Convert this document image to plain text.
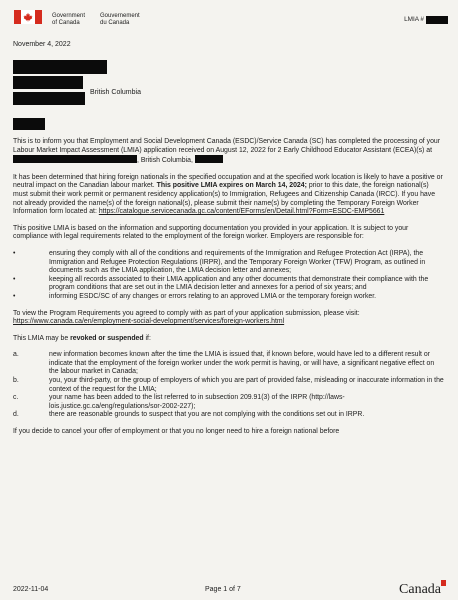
Government
of Canada
Gouvernement
du Canada	LMIA #
November 4, 2022
British Columbia

This is to inform you that Employment and Social Development Canada (ESDC)/Service Canada (SC) has completed the processing of your Labour Market Impact Assessment (LMIA) application received on August 12, 2022 for 2 Early Childhood Educator Assistant (ECEA)(s) at , British Columbia,

It has been determined that hiring foreign nationals in the specified occupation and at the specified work location is likely to have a positive or neutral impact on the Canadian labour market. This positive LMIA expires on March 14, 2024; prior to this date, the foreign national(s) must submit their work permit or permanent residency application(s) to Immigration, Refugees and Citizenship Canada (IRCC). If you have not already provided the name(s) of the foreign national(s), please submit their name(s) by completing the Temporary Foreign Worker Information form located at: https://catalogue.servicecanada.gc.ca/content/EForms/en/Detail.html?Form=ESDC-EMP5661

This positive LMIA is based on the information and supporting documentation you provided in your application. It is subject to your compliance with legal requirements related to the employment of the foreign worker. Employers are responsible for:

•	ensuring they comply with all of the conditions and requirements of the Immigration and Refugee Protection Act (IRPA), the Immigration and Refugee Protection Regulations (IRPR), and the Temporary Foreign Worker (TFW) Program, as outlined in documents such as the LMIA application, the LMIA decision letter and annexes;
•	keeping all records associated to their LMIA application and any other documents that demonstrate their compliance with the program conditions that are set out in the LMIA decision letter and annexes for a period of six years; and
•	informing ESDC/SC of any changes or errors relating to an approved LMIA or the temporary foreign worker.

To view the Program Requirements you agreed to comply with as part of your application submission, please visit: https://www.canada.ca/en/employment-social-development/services/foreign-workers.html

This LMIA may be revoked or suspended if:

a.	new information becomes known after the time the LMIA is issued that, if known before, would have led to a different result or indicate that the employment of the foreign worker under the work permit is having, or will have, a significant negative effect on the labour market in Canada;
b.	you, your third-party, or the group of employers of which you are part of provided false, misleading or inaccurate information in the context of the request for the LMIA;
c.	your name has been added to the list referred to in subsection 209.91(3) of the IRPR (http://laws-lois.justice.gc.ca/eng/regulations/sor-2002-227);
d.	there are reasonable grounds to suspect that you are not complying with the conditions set out in IRPR.

If you decide to cancel your offer of employment or that you no longer need to hire a foreign national before

2022-11-04	Page 1 of 7	Canada
